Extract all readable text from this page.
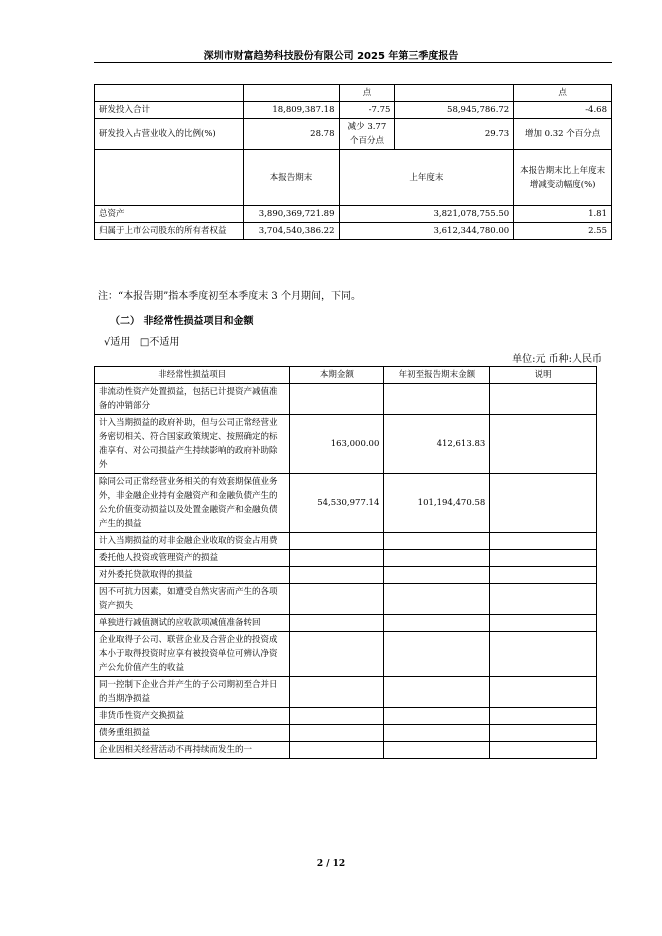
深圳市财富趋势科技股份有限公司 2025 年第三季度报告
		点		点
研发投入合计	18,809,387.18	-7.75	58,945,786.72	-4.68
研发投入占营业收入的比例(%)	28.78	减少 3.77 个百分点	29.73	增加 0.32 个百分点
	本报告期末	上年度末		本报告期末比上年度末增减变动幅度(%)
总资产	3,890,369,721.89	3,821,078,755.50		1.81
归属于上市公司股东的所有者权益	3,704,540,386.22	3,612,344,780.00		2.55
注：“本报告期”指本季度初至本季度末 3 个月期间，下同。
（二） 非经常性损益项目和金额
√适用 □不适用
单位:元 币种:人民币
非经常性损益项目	本期金额	年初至报告期末金额	说明
非流动性资产处置损益，包括已计提资产减值准备的冲销部分			
计入当期损益的政府补助，但与公司正常经营业务密切相关、符合国家政策规定、按照确定的标准享有、对公司损益产生持续影响的政府补助除外	163,000.00	412,613.83	
除同公司正常经营业务相关的有效套期保值业务外，非金融企业持有金融资产和金融负债产生的公允价值变动损益以及处置金融资产和金融负债产生的损益	54,530,977.14	101,194,470.58	
计入当期损益的对非金融企业收取的资金占用费			
委托他人投资或管理资产的损益			
对外委托贷款取得的损益			
因不可抗力因素，如遭受自然灾害而产生的各项资产损失			
单独进行减值测试的应收款项减值准备转回			
企业取得子公司、联营企业及合营企业的投资成本小于取得投资时应享有被投资单位可辨认净资产公允价值产生的收益			
同一控制下企业合并产生的子公司期初至合并日的当期净损益			
非货币性资产交换损益			
债务重组损益			
企业因相关经营活动不再持续而发生的一			
2 / 12
